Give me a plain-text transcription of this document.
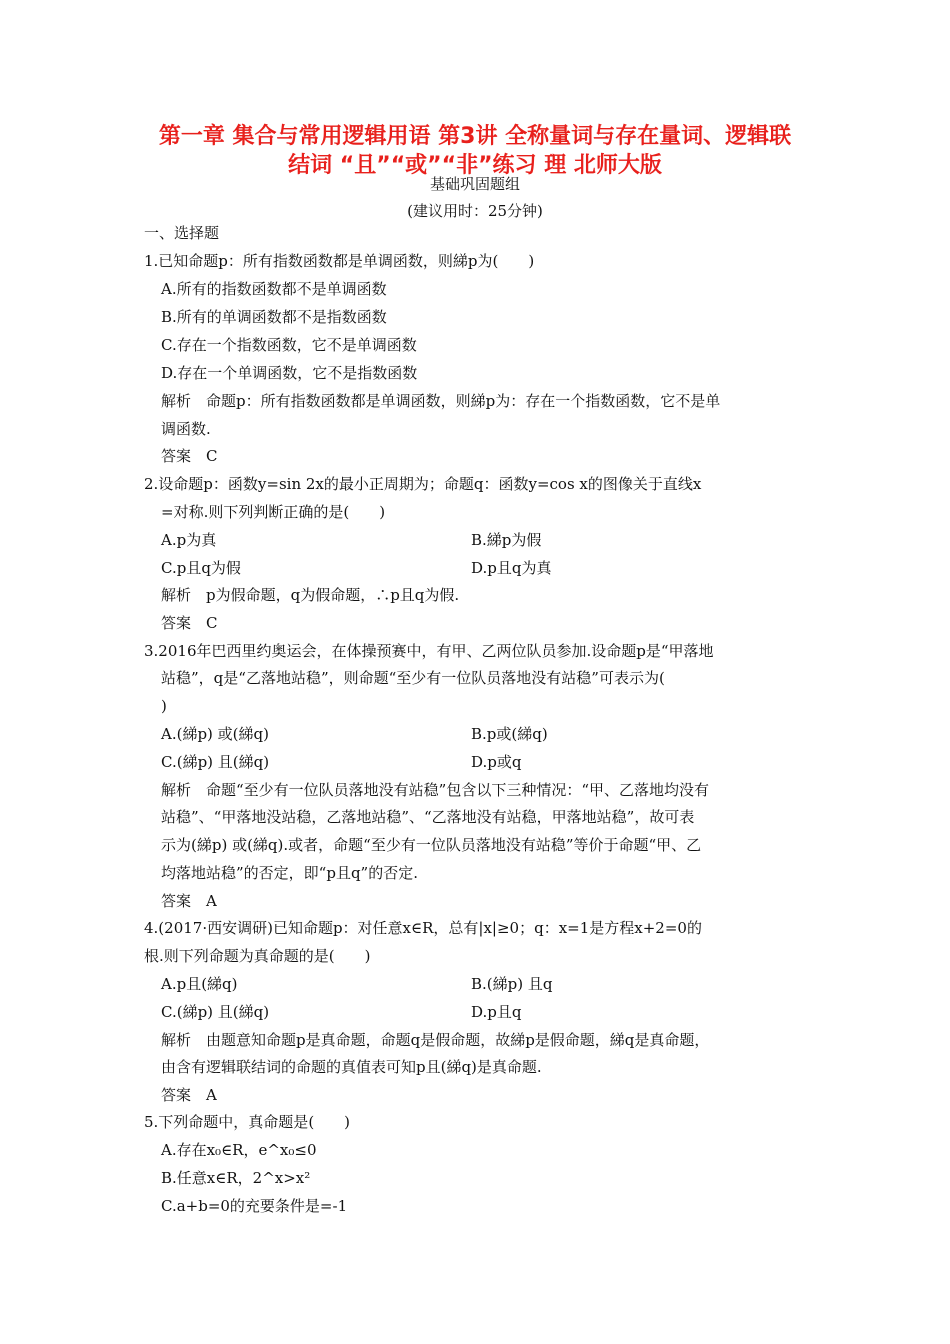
第一章 集合与常用逻辑用语 第3讲 全称量词与存在量词、逻辑联
结词 “且”“或”“非”练习 理 北师大版
基础巩固题组
(建议用时：25分钟)
一、选择题
1.已知命题p：所有指数函数都是单调函数，则綈p为(　　)
A.所有的指数函数都不是单调函数
B.所有的单调函数都不是指数函数
C.存在一个指数函数，它不是单调函数
D.存在一个单调函数，它不是指数函数
解析　命题p：所有指数函数都是单调函数，则綈p为：存在一个指数函数，它不是单
调函数.
答案　C
2.设命题p：函数y=sin 2x的最小正周期为；命题q：函数y=cos x的图像关于直线x
=对称.则下列判断正确的是(　　)
A.p为真	B.綈p为假
C.p且q为假	D.p且q为真
解析　p为假命题，q为假命题，∴p且q为假.
答案　C
3.2016年巴西里约奥运会，在体操预赛中，有甲、乙两位队员参加.设命题p是“甲落地
站稳”，q是“乙落地站稳”，则命题“至少有一位队员落地没有站稳”可表示为(
)
A.(綈p) 或(綈q)	B.p或(綈q)
C.(綈p) 且(綈q)	D.p或q
解析　命题“至少有一位队员落地没有站稳”包含以下三种情况：“甲、乙落地均没有
站稳”、“甲落地没站稳，乙落地站稳”、“乙落地没有站稳，甲落地站稳”，故可表
示为(綈p) 或(綈q).或者，命题“至少有一位队员落地没有站稳”等价于命题“甲、乙
均落地站稳”的否定，即“p且q”的否定.
答案　A
4.(2017·西安调研)已知命题p：对任意x∈R，总有|x|≥0；q：x=1是方程x+2=0的
根.则下列命题为真命题的是(　　)
A.p且(綈q)	B.(綈p) 且q
C.(綈p) 且(綈q)	D.p且q
解析　由题意知命题p是真命题，命题q是假命题，故綈p是假命题，綈q是真命题，
由含有逻辑联结词的命题的真值表可知p且(綈q)是真命题.
答案　A
5.下列命题中，真命题是(　　)
A.存在x₀∈R，e^x₀≤0
B.任意x∈R，2^x>x²
C.a+b=0的充要条件是=-1
